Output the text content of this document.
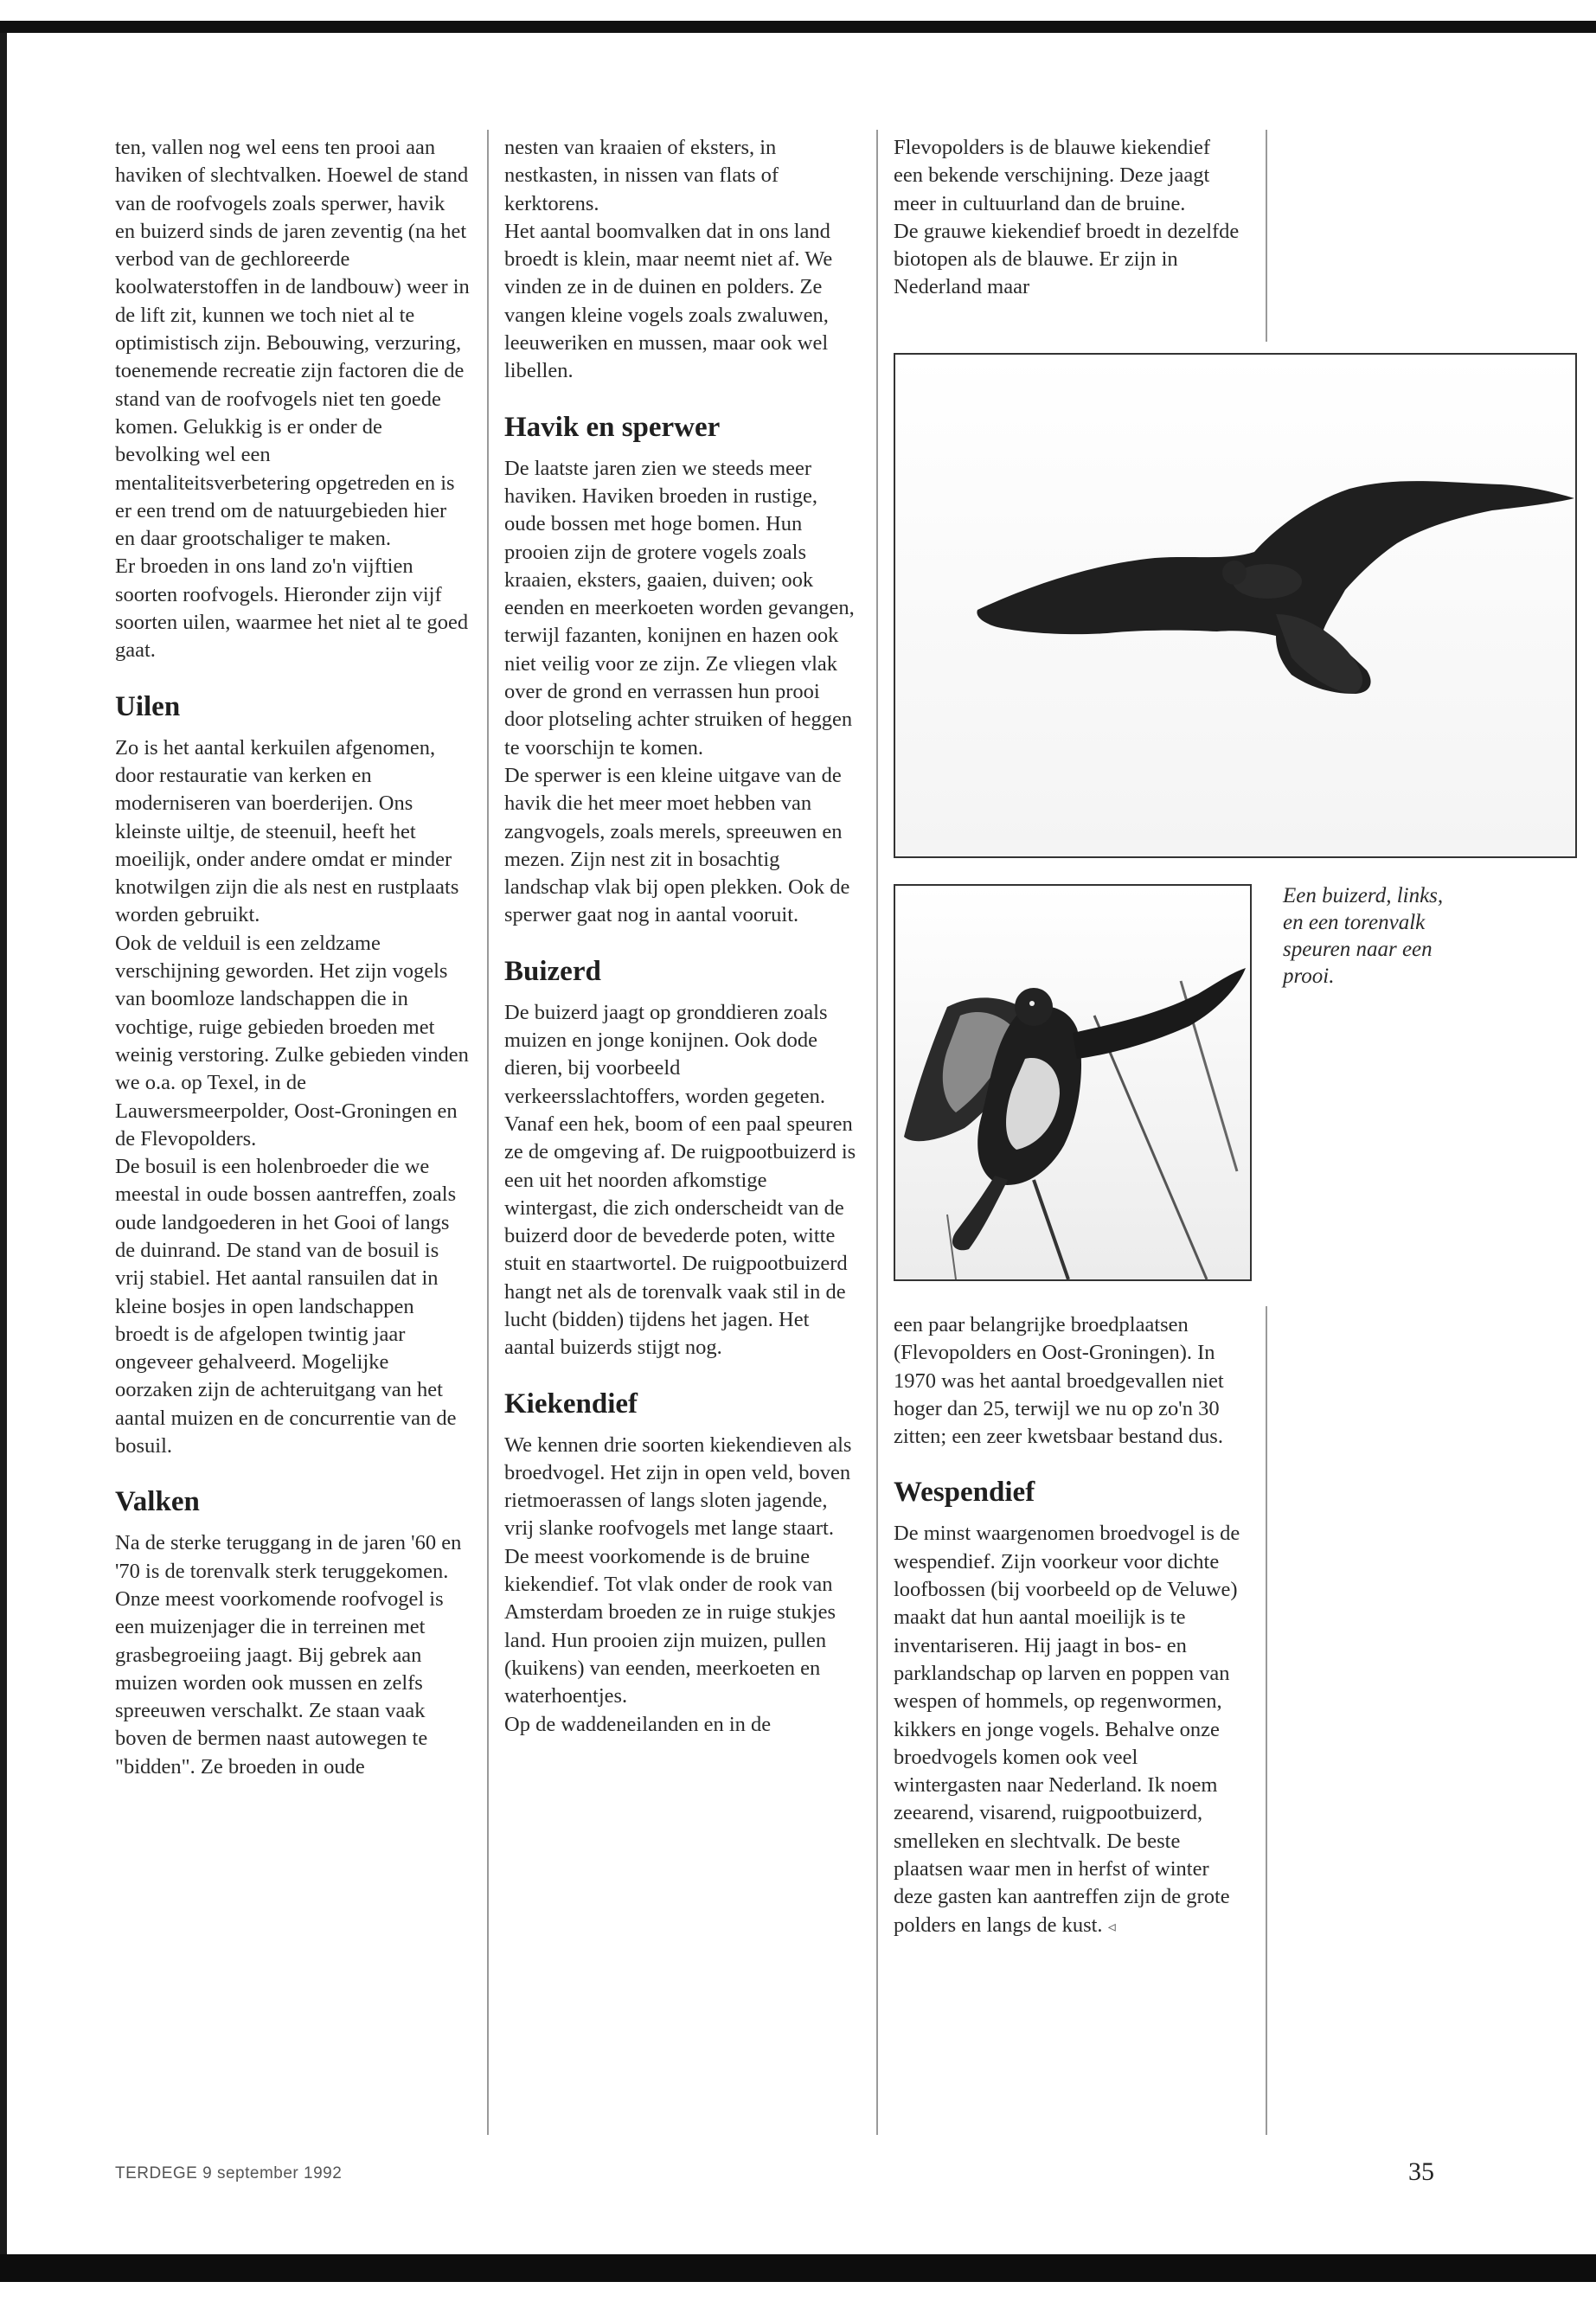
ten, vallen nog wel eens ten prooi aan haviken of slechtvalken. Hoewel de stand van de roofvogels zoals sperwer, havik en buizerd sinds de jaren zeventig (na het verbod van de gechloreerde koolwaterstoffen in de landbouw) weer in de lift zit, kunnen we toch niet al te optimistisch zijn. Bebouwing, verzuring, toenemende recreatie zijn factoren die de stand van de roofvogels niet ten goede komen. Gelukkig is er onder de bevolking wel een mentaliteitsverbetering opgetreden en is er een trend om de natuurgebieden hier en daar grootschaliger te maken.

Er broeden in ons land zo'n vijftien soorten roofvogels. Hieronder zijn vijf soorten uilen, waarmee het niet al te goed gaat.

Uilen

Zo is het aantal kerkuilen afgenomen, door restauratie van kerken en moderniseren van boerderijen. Ons kleinste uiltje, de steenuil, heeft het moeilijk, onder andere omdat er minder knotwilgen zijn die als nest en rustplaats worden gebruikt.

Ook de velduil is een zeldzame verschijning geworden. Het zijn vogels van boomloze landschappen die in vochtige, ruige gebieden broeden met weinig verstoring. Zulke gebieden vinden we o.a. op Texel, in de Lauwersmeerpolder, Oost-Groningen en de Flevopolders.

De bosuil is een holenbroeder die we meestal in oude bossen aantreffen, zoals oude landgoederen in het Gooi of langs de duinrand. De stand van de bosuil is vrij stabiel. Het aantal ransuilen dat in kleine bosjes in open landschappen broedt is de afgelopen twintig jaar ongeveer gehalveerd. Mogelijke oorzaken zijn de achteruitgang van het aantal muizen en de concurrentie van de bosuil.

Valken

Na de sterke teruggang in de jaren '60 en '70 is de torenvalk sterk teruggekomen. Onze meest voorkomende roofvogel is een muizenjager die in terreinen met grasbegroeiing jaagt. Bij gebrek aan muizen worden ook mussen en zelfs spreeuwen verschalkt. Ze staan vaak boven de bermen naast autowegen te "bidden". Ze broeden in oude

nesten van kraaien of eksters, in nestkasten, in nissen van flats of kerktorens.

Het aantal boomvalken dat in ons land broedt is klein, maar neemt niet af. We vinden ze in de duinen en polders. Ze vangen kleine vogels zoals zwaluwen, leeuweriken en mussen, maar ook wel libellen.

Havik en sperwer

De laatste jaren zien we steeds meer haviken. Haviken broeden in rustige, oude bossen met hoge bomen. Hun prooien zijn de grotere vogels zoals kraaien, eksters, gaaien, duiven; ook eenden en meerkoeten worden gevangen, terwijl fazanten, konijnen en hazen ook niet veilig voor ze zijn. Ze vliegen vlak over de grond en verrassen hun prooi door plotseling achter struiken of heggen te voorschijn te komen.

De sperwer is een kleine uitgave van de havik die het meer moet hebben van zangvogels, zoals merels, spreeuwen en mezen. Zijn nest zit in bosachtig landschap vlak bij open plekken. Ook de sperwer gaat nog in aantal vooruit.

Buizerd

De buizerd jaagt op gronddieren zoals muizen en jonge konijnen. Ook dode dieren, bij voorbeeld verkeersslachtoffers, worden gegeten. Vanaf een hek, boom of een paal speuren ze de omgeving af. De ruigpootbuizerd is een uit het noorden afkomstige wintergast, die zich onderscheidt van de buizerd door de bevederde poten, witte stuit en staartwortel. De ruigpootbuizerd hangt net als de torenvalk vaak stil in de lucht (bidden) tijdens het jagen. Het aantal buizerds stijgt nog.

Kiekendief

We kennen drie soorten kiekendieven als broedvogel. Het zijn in open veld, boven rietmoerassen of langs sloten jagende, vrij slanke roofvogels met lange staart.

De meest voorkomende is de bruine kiekendief. Tot vlak onder de rook van Amsterdam broeden ze in ruige stukjes land. Hun prooien zijn muizen, pullen (kuikens) van eenden, meerkoeten en waterhoentjes.

Op de waddeneilanden en in de

Flevopolders is de blauwe kiekendief een bekende verschijning. Deze jaagt meer in cultuurland dan de bruine.

De grauwe kiekendief broedt in dezelfde biotopen als de blauwe. Er zijn in Nederland maar

Een buizerd, links, en een torenvalk speuren naar een prooi.

een paar belangrijke broedplaatsen (Flevopolders en Oost-Groningen). In 1970 was het aantal broedgevallen niet hoger dan 25, terwijl we nu op zo'n 30 zitten; een zeer kwetsbaar bestand dus.

Wespendief

De minst waargenomen broedvogel is de wespendief. Zijn voorkeur voor dichte loofbossen (bij voorbeeld op de Veluwe) maakt dat hun aantal moeilijk is te inventariseren. Hij jaagt in bos- en parklandschap op larven en poppen van wespen of hommels, op regenwormen, kikkers en jonge vogels. Behalve onze broedvogels komen ook veel wintergasten naar Nederland. Ik noem zeearend, visarend, ruigpootbuizerd, smelleken en slechtvalk. De beste plaatsen waar men in herfst of winter deze gasten kan aantreffen zijn de grote polders en langs de kust. ◃

TERDEGE 9 september 1992	35
